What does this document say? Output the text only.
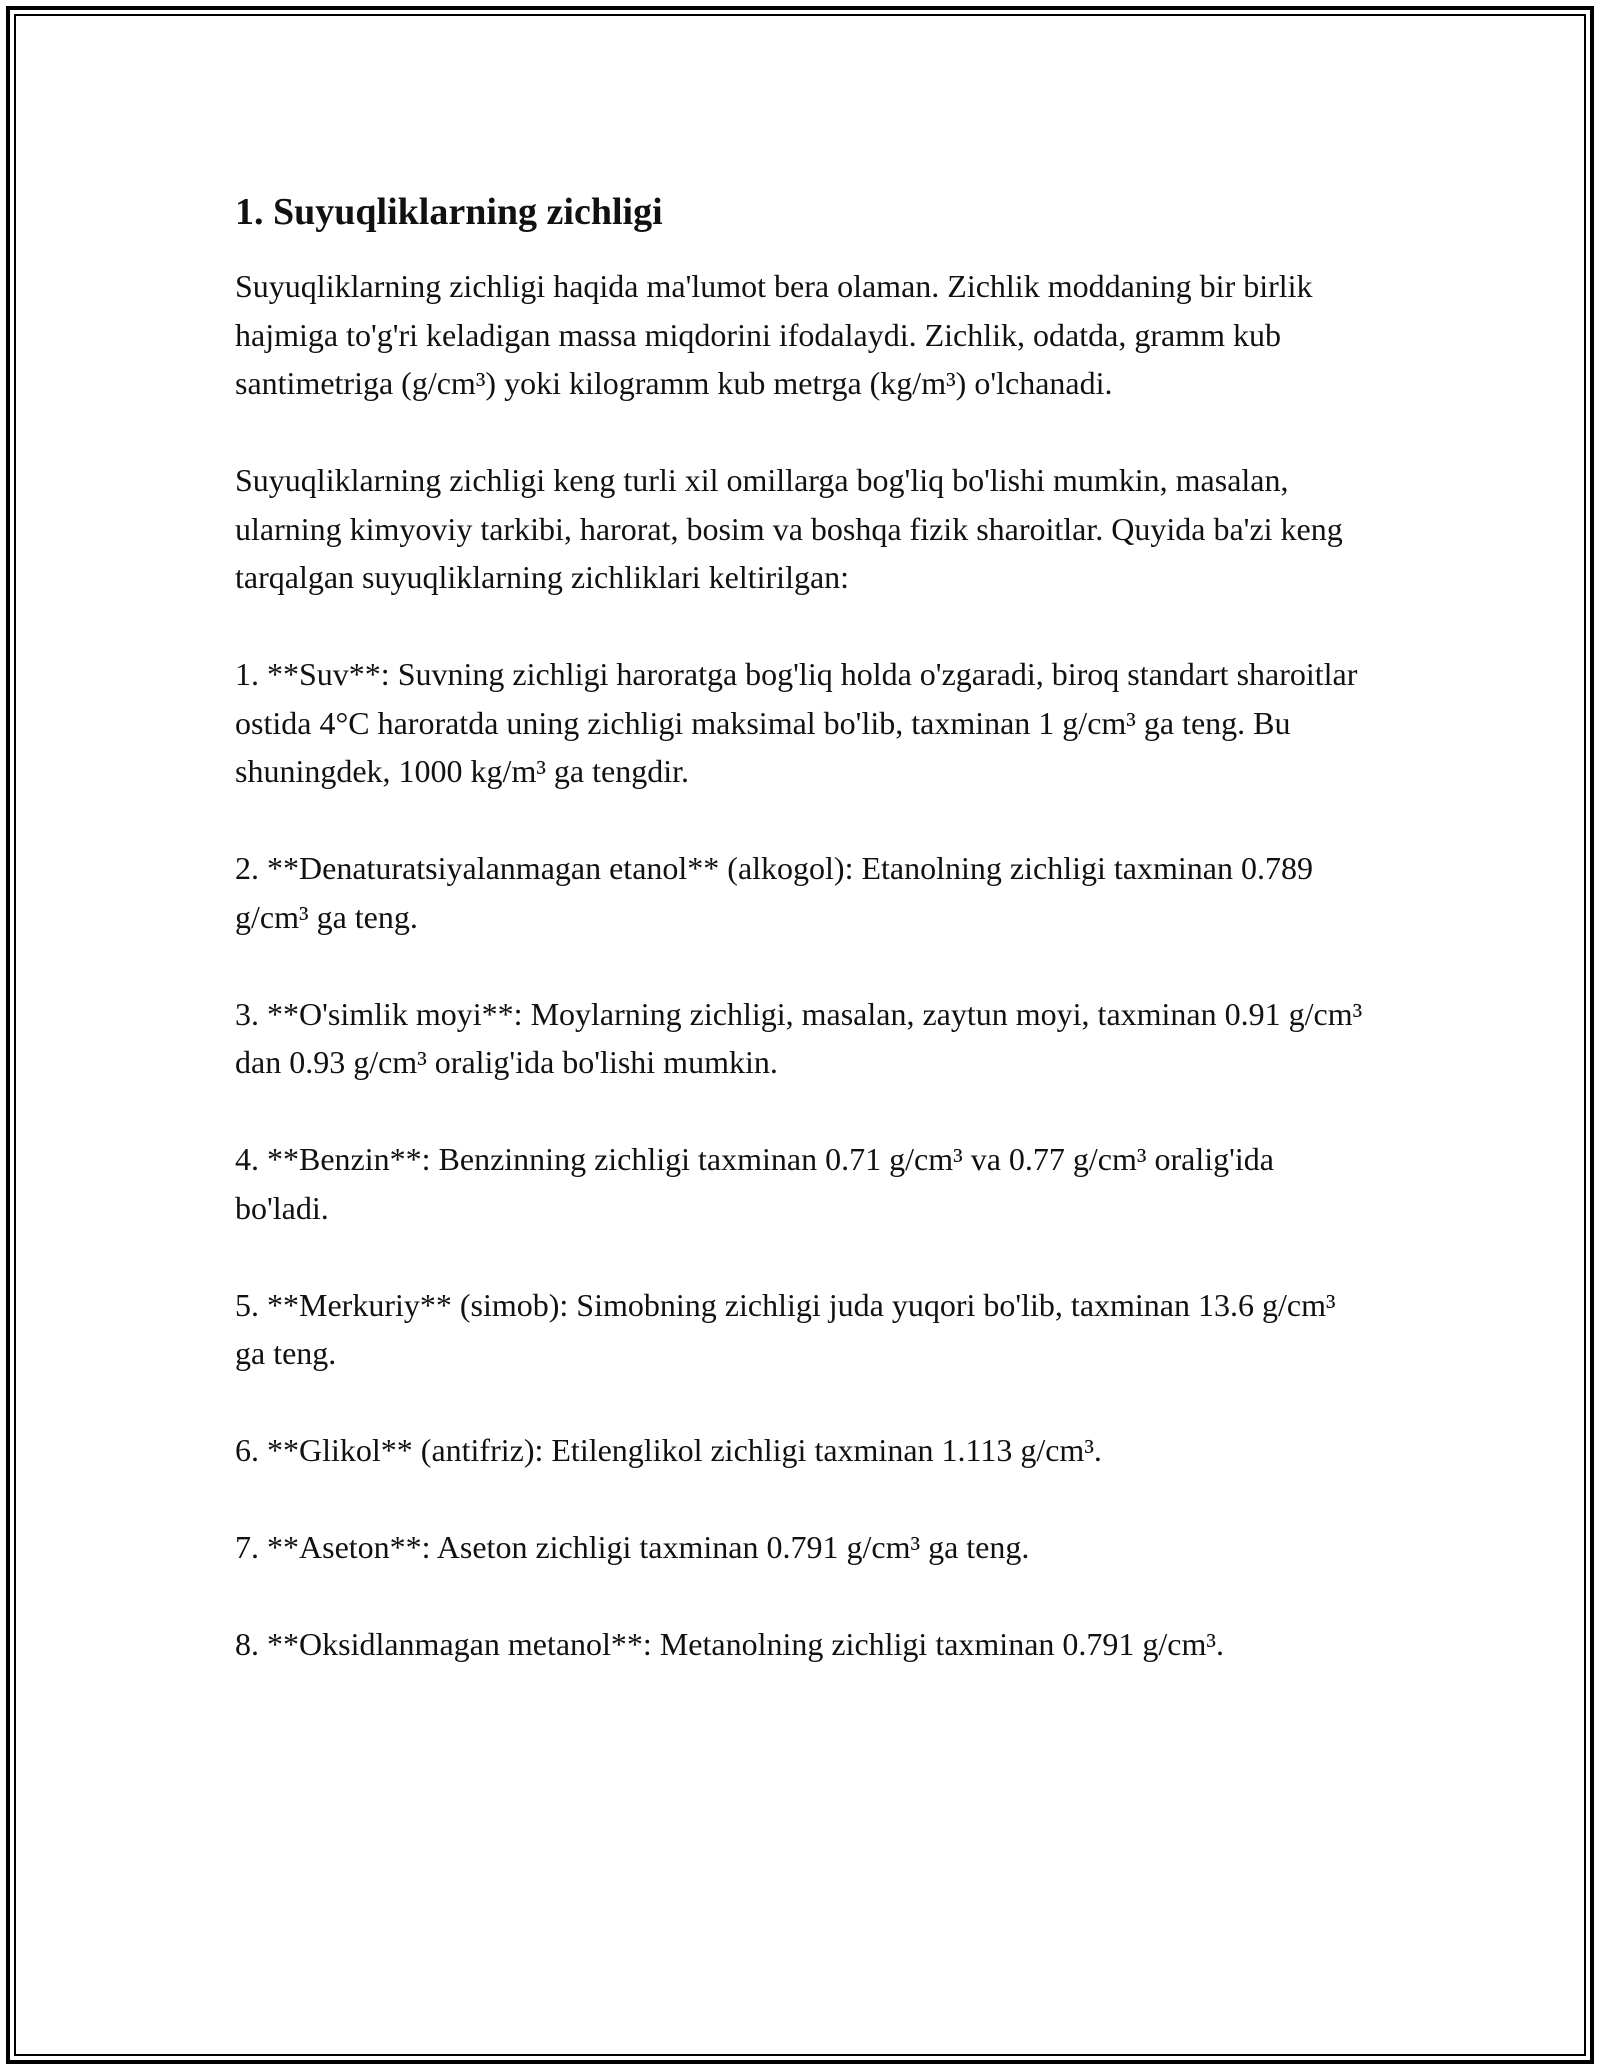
1. Suyuqliklarning zichligi

Suyuqliklarning zichligi haqida ma'lumot bera olaman. Zichlik moddaning bir birlik hajmiga to'g'ri keladigan massa miqdorini ifodalaydi. Zichlik, odatda, gramm kub santimetriga (g/cm³) yoki kilogramm kub metrga (kg/m³) o'lchanadi.

Suyuqliklarning zichligi keng turli xil omillarga bog'liq bo'lishi mumkin, masalan, ularning kimyoviy tarkibi, harorat, bosim va boshqa fizik sharoitlar. Quyida ba'zi keng tarqalgan suyuqliklarning zichliklari keltirilgan:

1. **Suv**: Suvning zichligi haroratga bog'liq holda o'zgaradi, biroq standart sharoitlar ostida 4°C haroratda uning zichligi maksimal bo'lib, taxminan 1 g/cm³ ga teng. Bu shuningdek, 1000 kg/m³ ga tengdir.

2. **Denaturatsiyalanmagan etanol** (alkogol): Etanolning zichligi taxminan 0.789 g/cm³ ga teng.

3. **O'simlik moyi**: Moylarning zichligi, masalan, zaytun moyi, taxminan 0.91 g/cm³ dan 0.93 g/cm³ oralig'ida bo'lishi mumkin.

4. **Benzin**: Benzinning zichligi taxminan 0.71 g/cm³ va 0.77 g/cm³ oralig'ida bo'ladi.

5. **Merkuriy** (simob): Simobning zichligi juda yuqori bo'lib, taxminan 13.6 g/cm³ ga teng.

6. **Glikol** (antifriz): Etilenglikol zichligi taxminan 1.113 g/cm³.

7. **Aseton**: Aseton zichligi taxminan 0.791 g/cm³ ga teng.

8. **Oksidlanmagan metanol**: Metanolning zichligi taxminan 0.791 g/cm³.
